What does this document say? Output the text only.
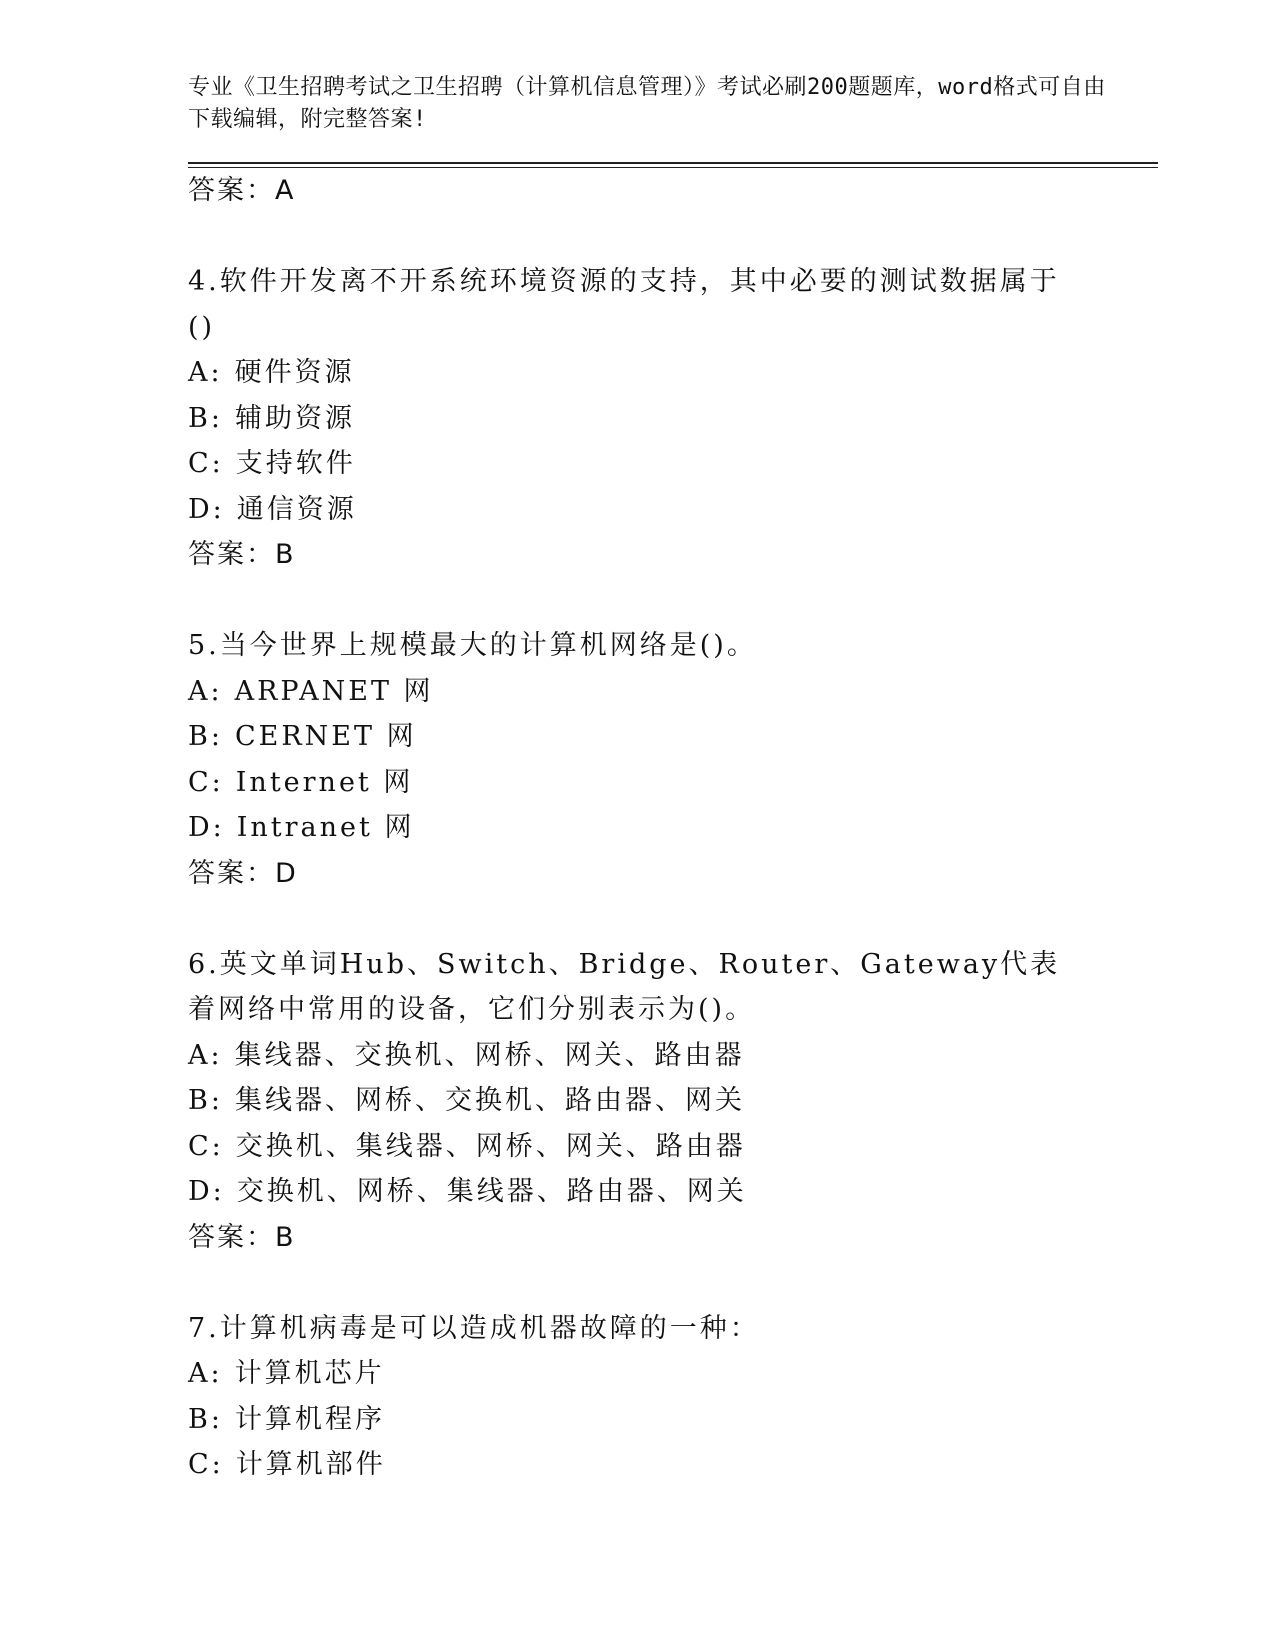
专业《卫生招聘考试之卫生招聘（计算机信息管理）》考试必刷200题题库，word格式可自由下载编辑，附完整答案!

答案：A

4.软件开发离不开系统环境资源的支持，其中必要的测试数据属于()

A: 硬件资源

B: 辅助资源

C: 支持软件

D: 通信资源

答案：B

5.当今世界上规模最大的计算机网络是()。

A: ARPANET 网

B: CERNET 网

C: Internet 网

D: Intranet 网

答案：D

6.英文单词Hub、Switch、Bridge、Router、Gateway代表着网络中常用的设备，它们分别表示为()。

A: 集线器、交换机、网桥、网关、路由器

B: 集线器、网桥、交换机、路由器、网关

C: 交换机、集线器、网桥、网关、路由器

D: 交换机、网桥、集线器、路由器、网关

答案：B

7.计算机病毒是可以造成机器故障的一种：

A: 计算机芯片

B: 计算机程序

C: 计算机部件
